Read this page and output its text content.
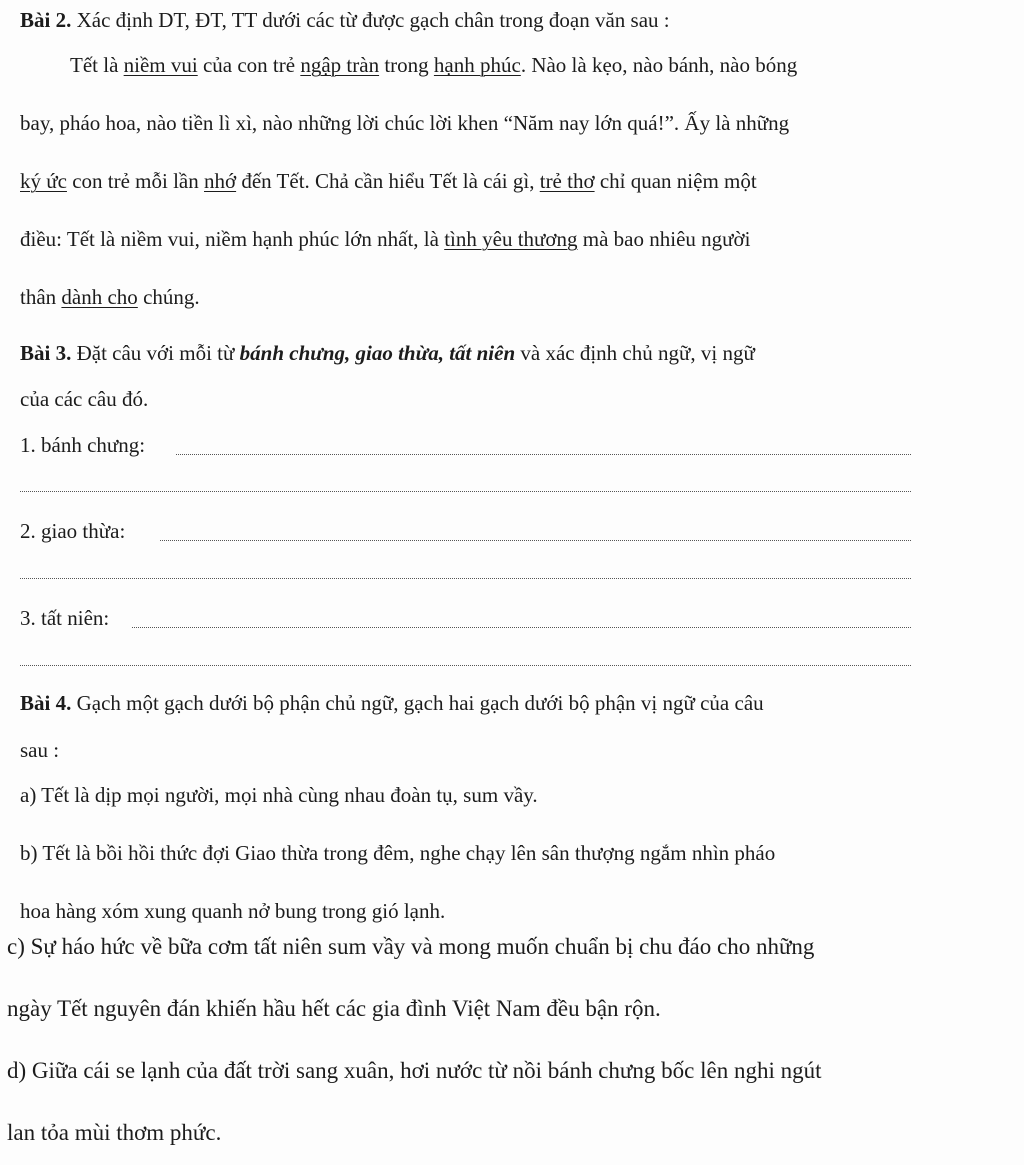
Bài 2. Xác định DT, ĐT, TT dưới các từ được gạch chân trong đoạn văn sau :
Tết là niềm vui của con trẻ ngập tràn trong hạnh phúc. Nào là kẹo, nào bánh, nào bóng
bay, pháo hoa, nào tiền lì xì, nào những lời chúc lời khen “Năm nay lớn quá!”. Ấy là những
ký ức con trẻ mỗi lần nhớ đến Tết. Chả cần hiểu Tết là cái gì, trẻ thơ chỉ quan niệm một
điều: Tết là niềm vui, niềm hạnh phúc lớn nhất, là tình yêu thương mà bao nhiêu người
thân dành cho chúng.
Bài 3. Đặt câu với mỗi từ bánh chưng, giao thừa, tất niên và xác định chủ ngữ, vị ngữ
của các câu đó.
1. bánh chưng:
2. giao thừa:
3. tất niên:
Bài 4. Gạch một gạch dưới bộ phận chủ ngữ, gạch hai gạch dưới bộ phận vị ngữ của câu
sau :
a) Tết là dịp mọi người, mọi nhà cùng nhau đoàn tụ, sum vầy.
b) Tết là bồi hồi thức đợi Giao thừa trong đêm, nghe chạy lên sân thượng ngắm nhìn pháo
hoa hàng xóm xung quanh nở bung trong gió lạnh.
c) Sự háo hức về bữa cơm tất niên sum vầy và mong muốn chuẩn bị chu đáo cho những
ngày Tết nguyên đán khiến hầu hết các gia đình Việt Nam đều bận rộn.
d) Giữa cái se lạnh của đất trời sang xuân, hơi nước từ nồi bánh chưng bốc lên nghi ngút
lan tỏa mùi thơm phức.
